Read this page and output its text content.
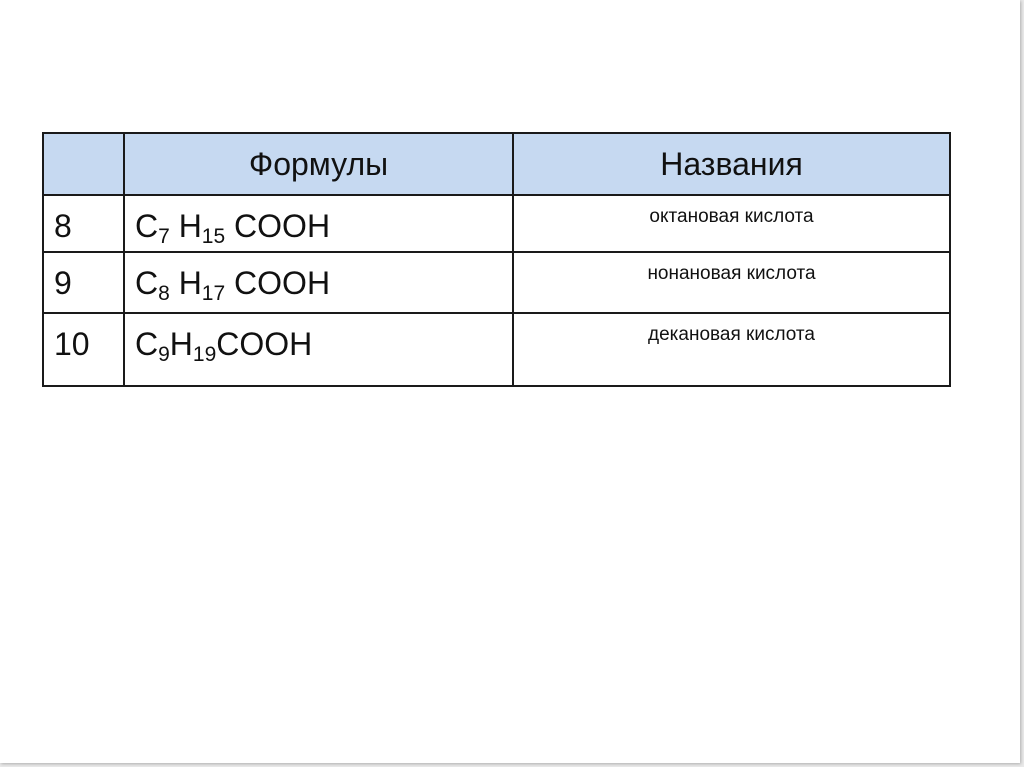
	Формулы	Названия
8	$C_7$ $H_{15}$ COOH	октановая кислота
9	$C_8$ $H_{17}$ COOH	нонановая кислота
10	$C_9H_{19}COOH$	декановая кислота
